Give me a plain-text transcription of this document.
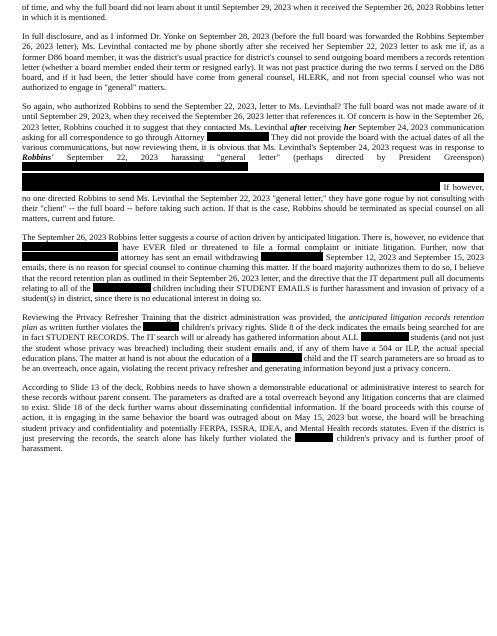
of time, and why the full board did not learn about it until September 29, 2023 when it received the September 26, 2023 Robbins letter in which it is mentioned.

In full disclosure, and as I informed Dr. Yonke on September 28, 2023 (before the full board was forwarded the Robbins September 26, 2023 letter), Ms. Levinthal contacted me by phone shortly after she received her September 22, 2023 letter to ask me if, as a former D86 board member, it was the district's usual practice for district's counsel to send outgoing board members a records retention letter (whether a board member ended their term or resigned early). It was not past practice during the two terms I served on the D86 board, and if it had been, the letter should have come from general counsel, HLERK, and not from special counsel who was not authorized to engage in "general" matters.

So again, who authorized Robbins to send the September 22, 2023, letter to Ms. Levinthal? The full board was not made aware of it until September 29, 2023, when they received the September 26, 2023 letter that references it. Of concern is how in the September 26, 2023 letter, Robbins couched it to suggest that they contacted Ms. Levinthal after receiving her September 24, 2023 communication asking for all correspondence to go through Attorney	They did not provide the board with the actual dates of all the various communications, but now reviewing them, it is obvious that Ms. Levinthal's September 24, 2023 request was in response to Robbins' September 22, 2023 harassing "general letter" (perhaps directed by President Greenspon)
If however, no one directed Robbins to send Ms. Levinthal the September 22, 2023 "general letter," they have gone rogue by not consulting with their "client" -- the full board -- before taking such action. If that is the case, Robbins should be terminated as special counsel on all matters, current and future.

The September 26, 2023 Robbins letter suggests a course of action driven by anticipated litigation. There is, however, no evidence that  have EVER filed or threatened to file a formal complaint or initiate litigation. Further, now that  attorney has sent an email withdrawing	September 12, 2023 and September 15, 2023 emails, there is no reason for special counsel to continue churning this matter. If the board majority authorizes them to do so, I believe that the record retention plan as outlined in their September 26, 2023 letter, and the directive that the IT department pull all documents relating to all of the	children including their STUDENT EMAILS is further harassment and invasion of privacy of a student(s) in district, since there is no educational interest in doing so.

Reviewing the Privacy Refresher Training that the district administration was provided, the anticipated litigation records retention plan as written further violates the	children's privacy rights. Slide 8 of the deck indicates the emails being searched for are in fact STUDENT RECORDS. The IT search will or already has gathered information about ALL	students (and not just the student whose privacy was breached) including their student emails and, if any of them have a 504 or ILP, the actual special education plans. The matter at hand is not about the education of a	child and the IT search parameters are so broad as to be an overreach, once again, violating the recent privacy refresher and generating information beyond just a privacy concern.

According to Slide 13 of the deck, Robbins needs to have shown a demonstrable educational or administrative interest to search for these records without parent consent. The parameters as drafted are a total overreach beyond any litigation concerns that are claimed to exist. Slide 18 of the deck further warns about disseminating confidential information. If the board proceeds with this course of action, it is engaging in the same behavior the board was outraged about on May 15, 2023 but worse, the board will be breaching student privacy and confidentiality and potentially FERPA, ISSRA, IDEA, and Mental Health records statutes. Even if the district is just preserving the records, the search alone has likely further violated the	children's privacy and is further proof of harassment.
